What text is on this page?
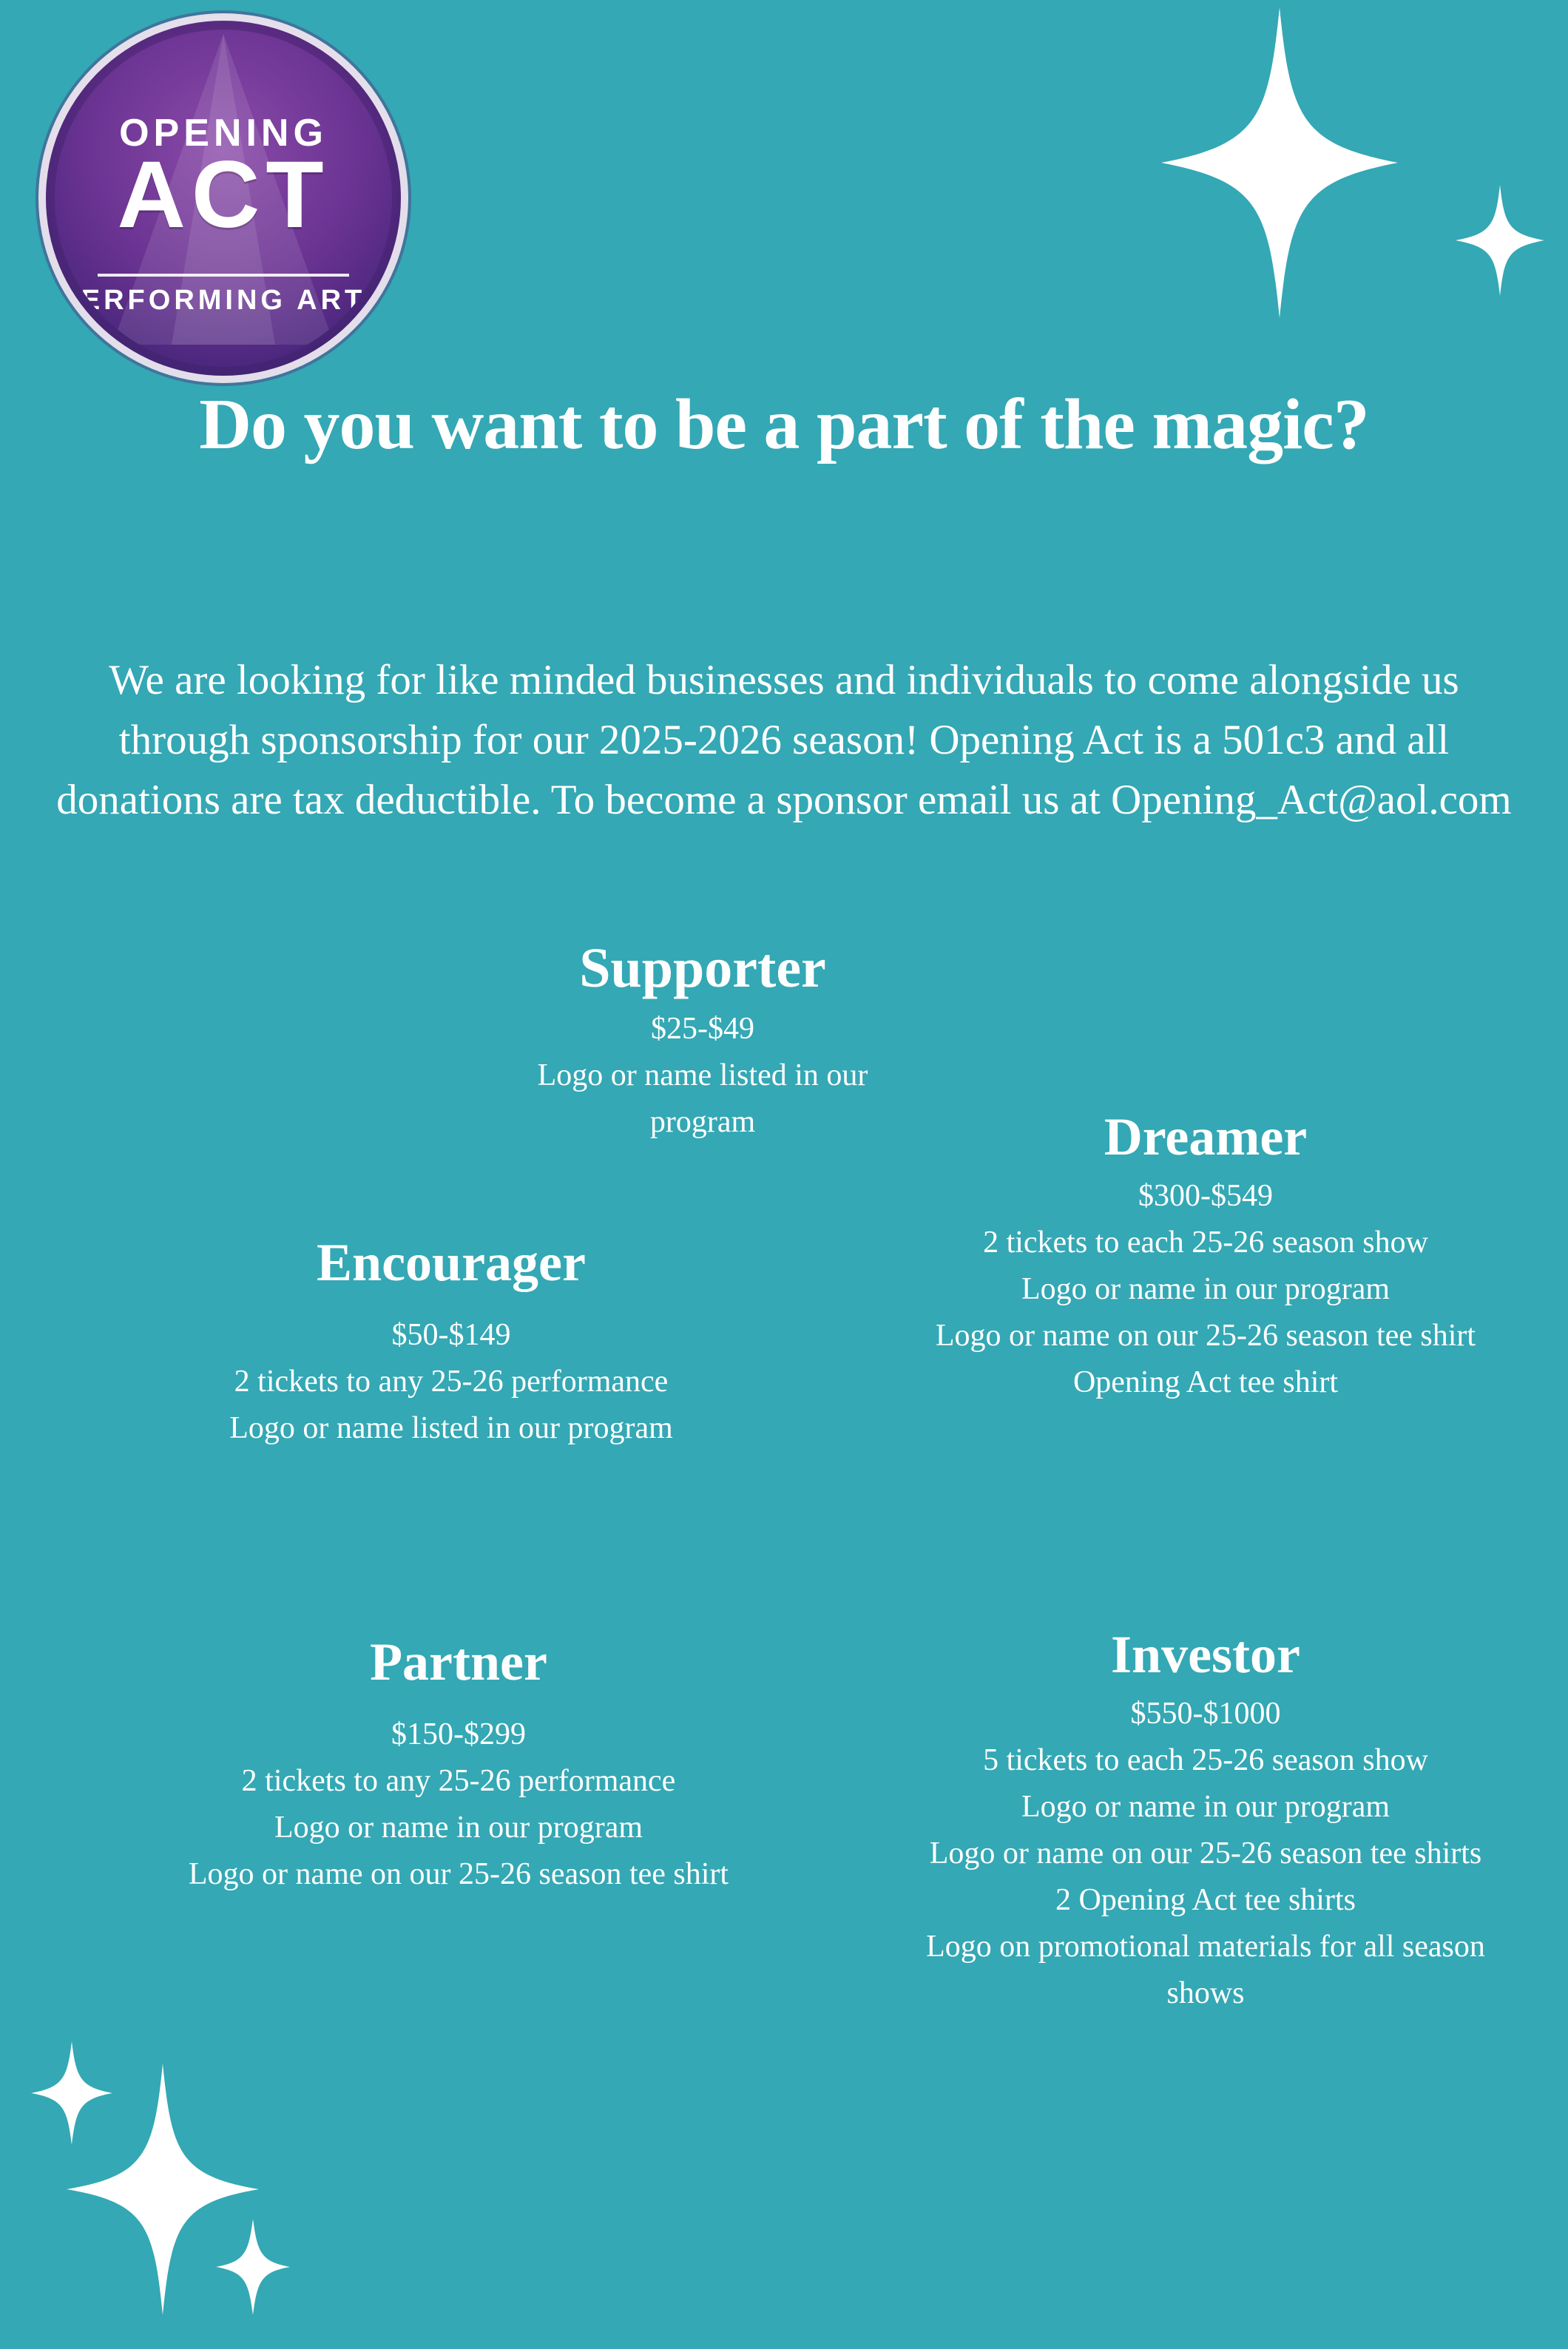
OPENING
ACT
PERFORMING ARTS
Do you want to be a part of the magic?
We are looking for like minded businesses and individuals to come alongside us through sponsorship for our 2025-2026 season! Opening Act is a 501c3 and all donations are tax deductible. To become a sponsor email us at Opening_Act@aol.com
Supporter
$25-$49
Logo or name listed in our program	Dreamer
$300-$549
2 tickets to each 25-26 season show
Logo or name in our program
Logo or name on our 25-26 season tee shirt
Opening Act tee shirt
Encourager
$50-$149
2 tickets to any 25-26 performance
Logo or name listed in our program
Partner
$150-$299
2 tickets to any 25-26 performance
Logo or name in our program
Logo or name on our 25-26 season tee shirt
Investor
$550-$1000
5 tickets to each 25-26 season show
Logo or name in our program
Logo or name on our 25-26 season tee shirts
2 Opening Act tee shirts
Logo on promotional materials for all season shows
